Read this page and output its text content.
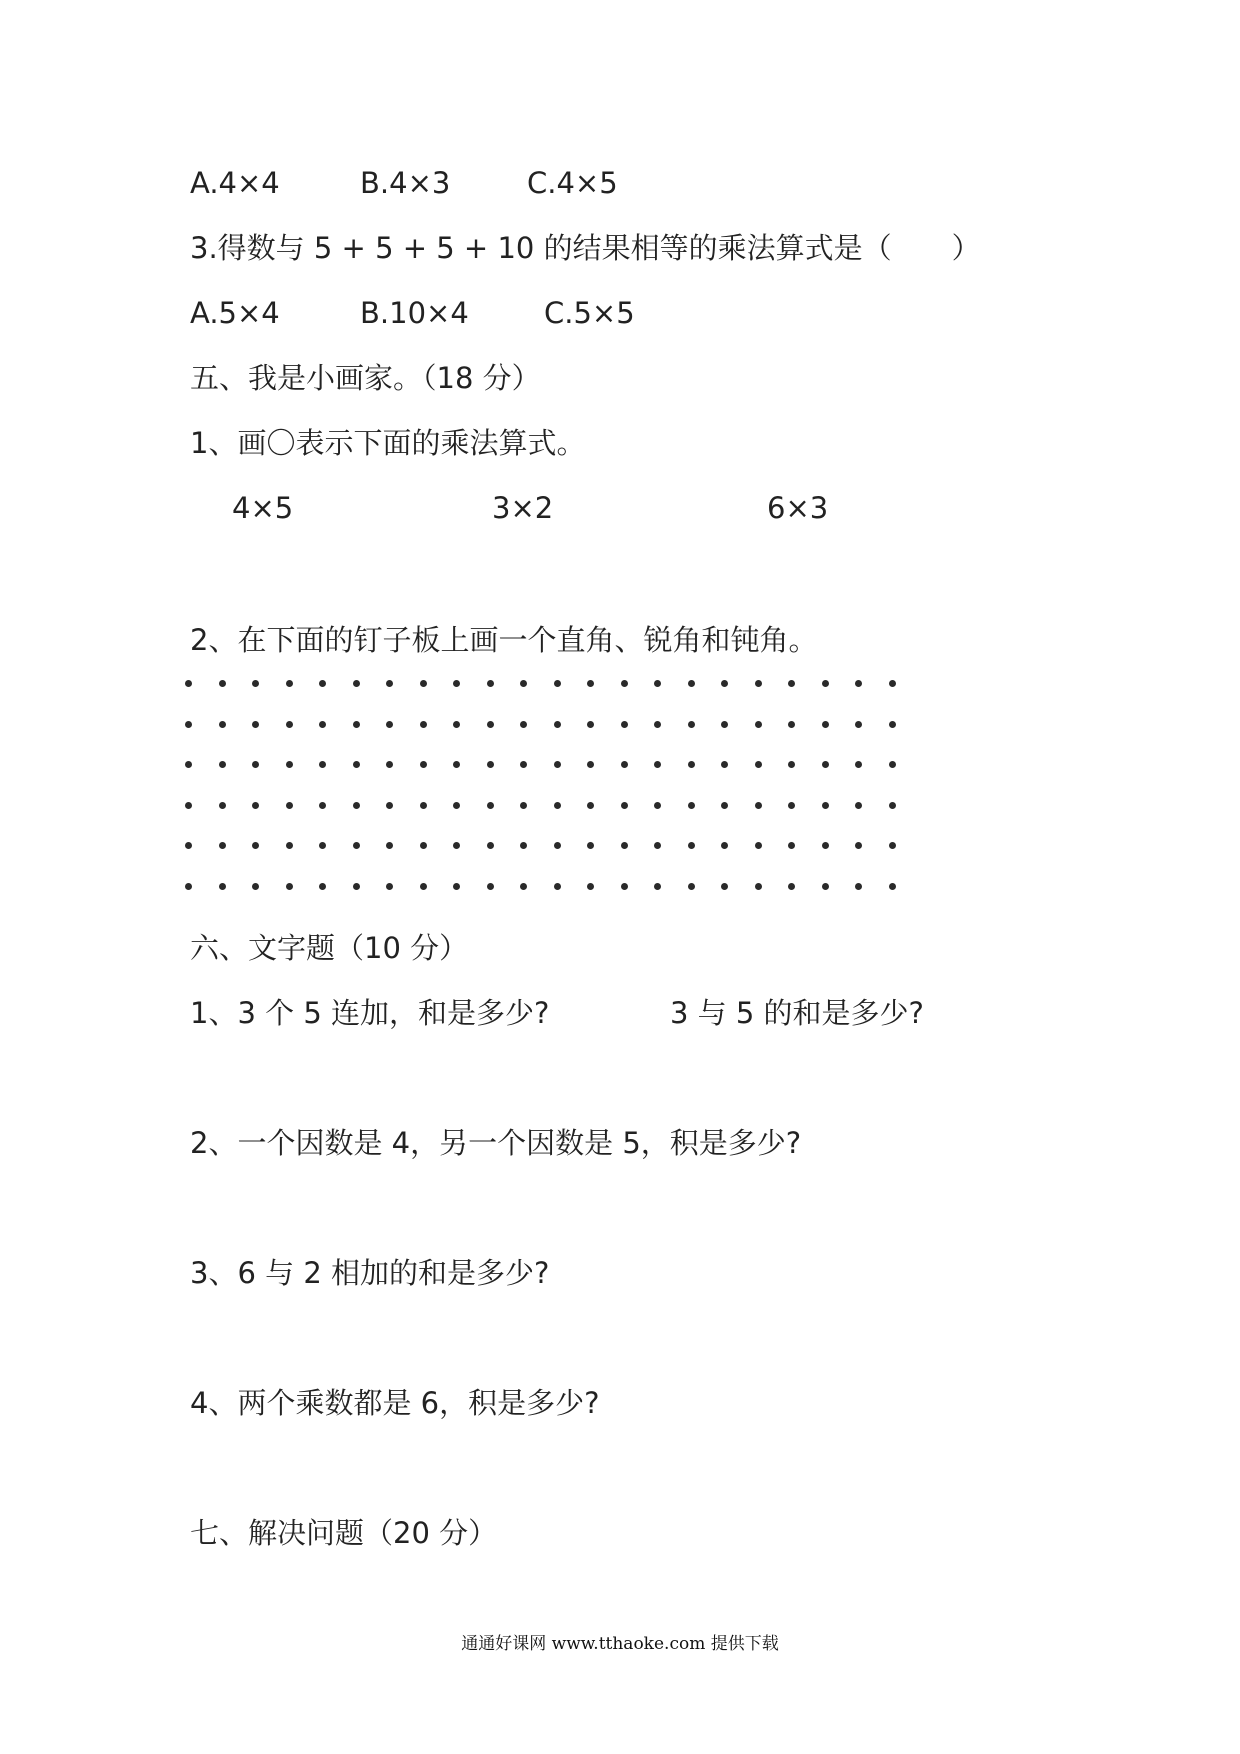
A.4×4	B.4×3	C.4×5
3.得数与 5 + 5 + 5 + 10 的结果相等的乘法算式是（ ）
A.5×4	B.10×4	C.5×5
五、我是小画家。（18 分）
1、画〇表示下面的乘法算式。
4×5	3×2	6×3
2、在下面的钉子板上画一个直角、锐角和钝角。
六、文字题（10 分）
1、3 个 5 连加，和是多少?	3 与 5 的和是多少?
2、一个因数是 4，另一个因数是 5，积是多少?
3、6 与 2 相加的和是多少?
4、两个乘数都是 6，积是多少?
七、解决问题（20 分）
通通好课网 www.tthaoke.com 提供下载
